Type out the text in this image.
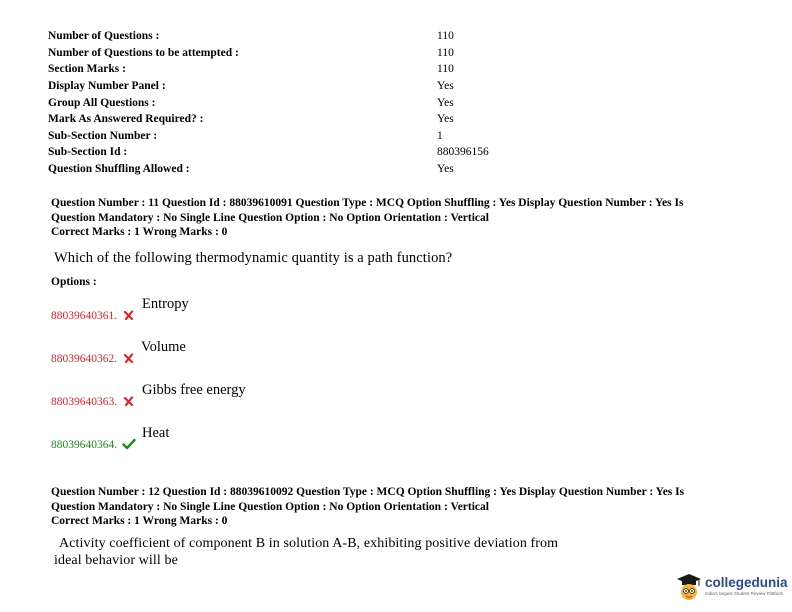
Number of Questions :	110
Number of Questions to be attempted :	110
Section Marks :	110
Display Number Panel :	Yes
Group All Questions :	Yes
Mark As Answered Required? :	Yes
Sub-Section Number :	1
Sub-Section Id :	880396156
Question Shuffling Allowed :	Yes
Question Number : 11 Question Id : 88039610091 Question Type : MCQ Option Shuffling : Yes Display Question Number : Yes Is
Question Mandatory : No Single Line Question Option : No Option Orientation : Vertical
Correct Marks : 1 Wrong Marks : 0
Which of the following thermodynamic quantity is a path function?
Options :
88039640361.
Entropy
88039640362.
Volume
88039640363.
Gibbs free energy
88039640364.
Heat
Question Number : 12 Question Id : 88039610092 Question Type : MCQ Option Shuffling : Yes Display Question Number : Yes Is
Question Mandatory : No Single Line Question Option : No Option Orientation : Vertical
Correct Marks : 1 Wrong Marks : 0
Activity coefficient of component B in solution A-B, exhibiting positive deviation from
ideal behavior will be
collegedunia
India's largest Student Review Platform
